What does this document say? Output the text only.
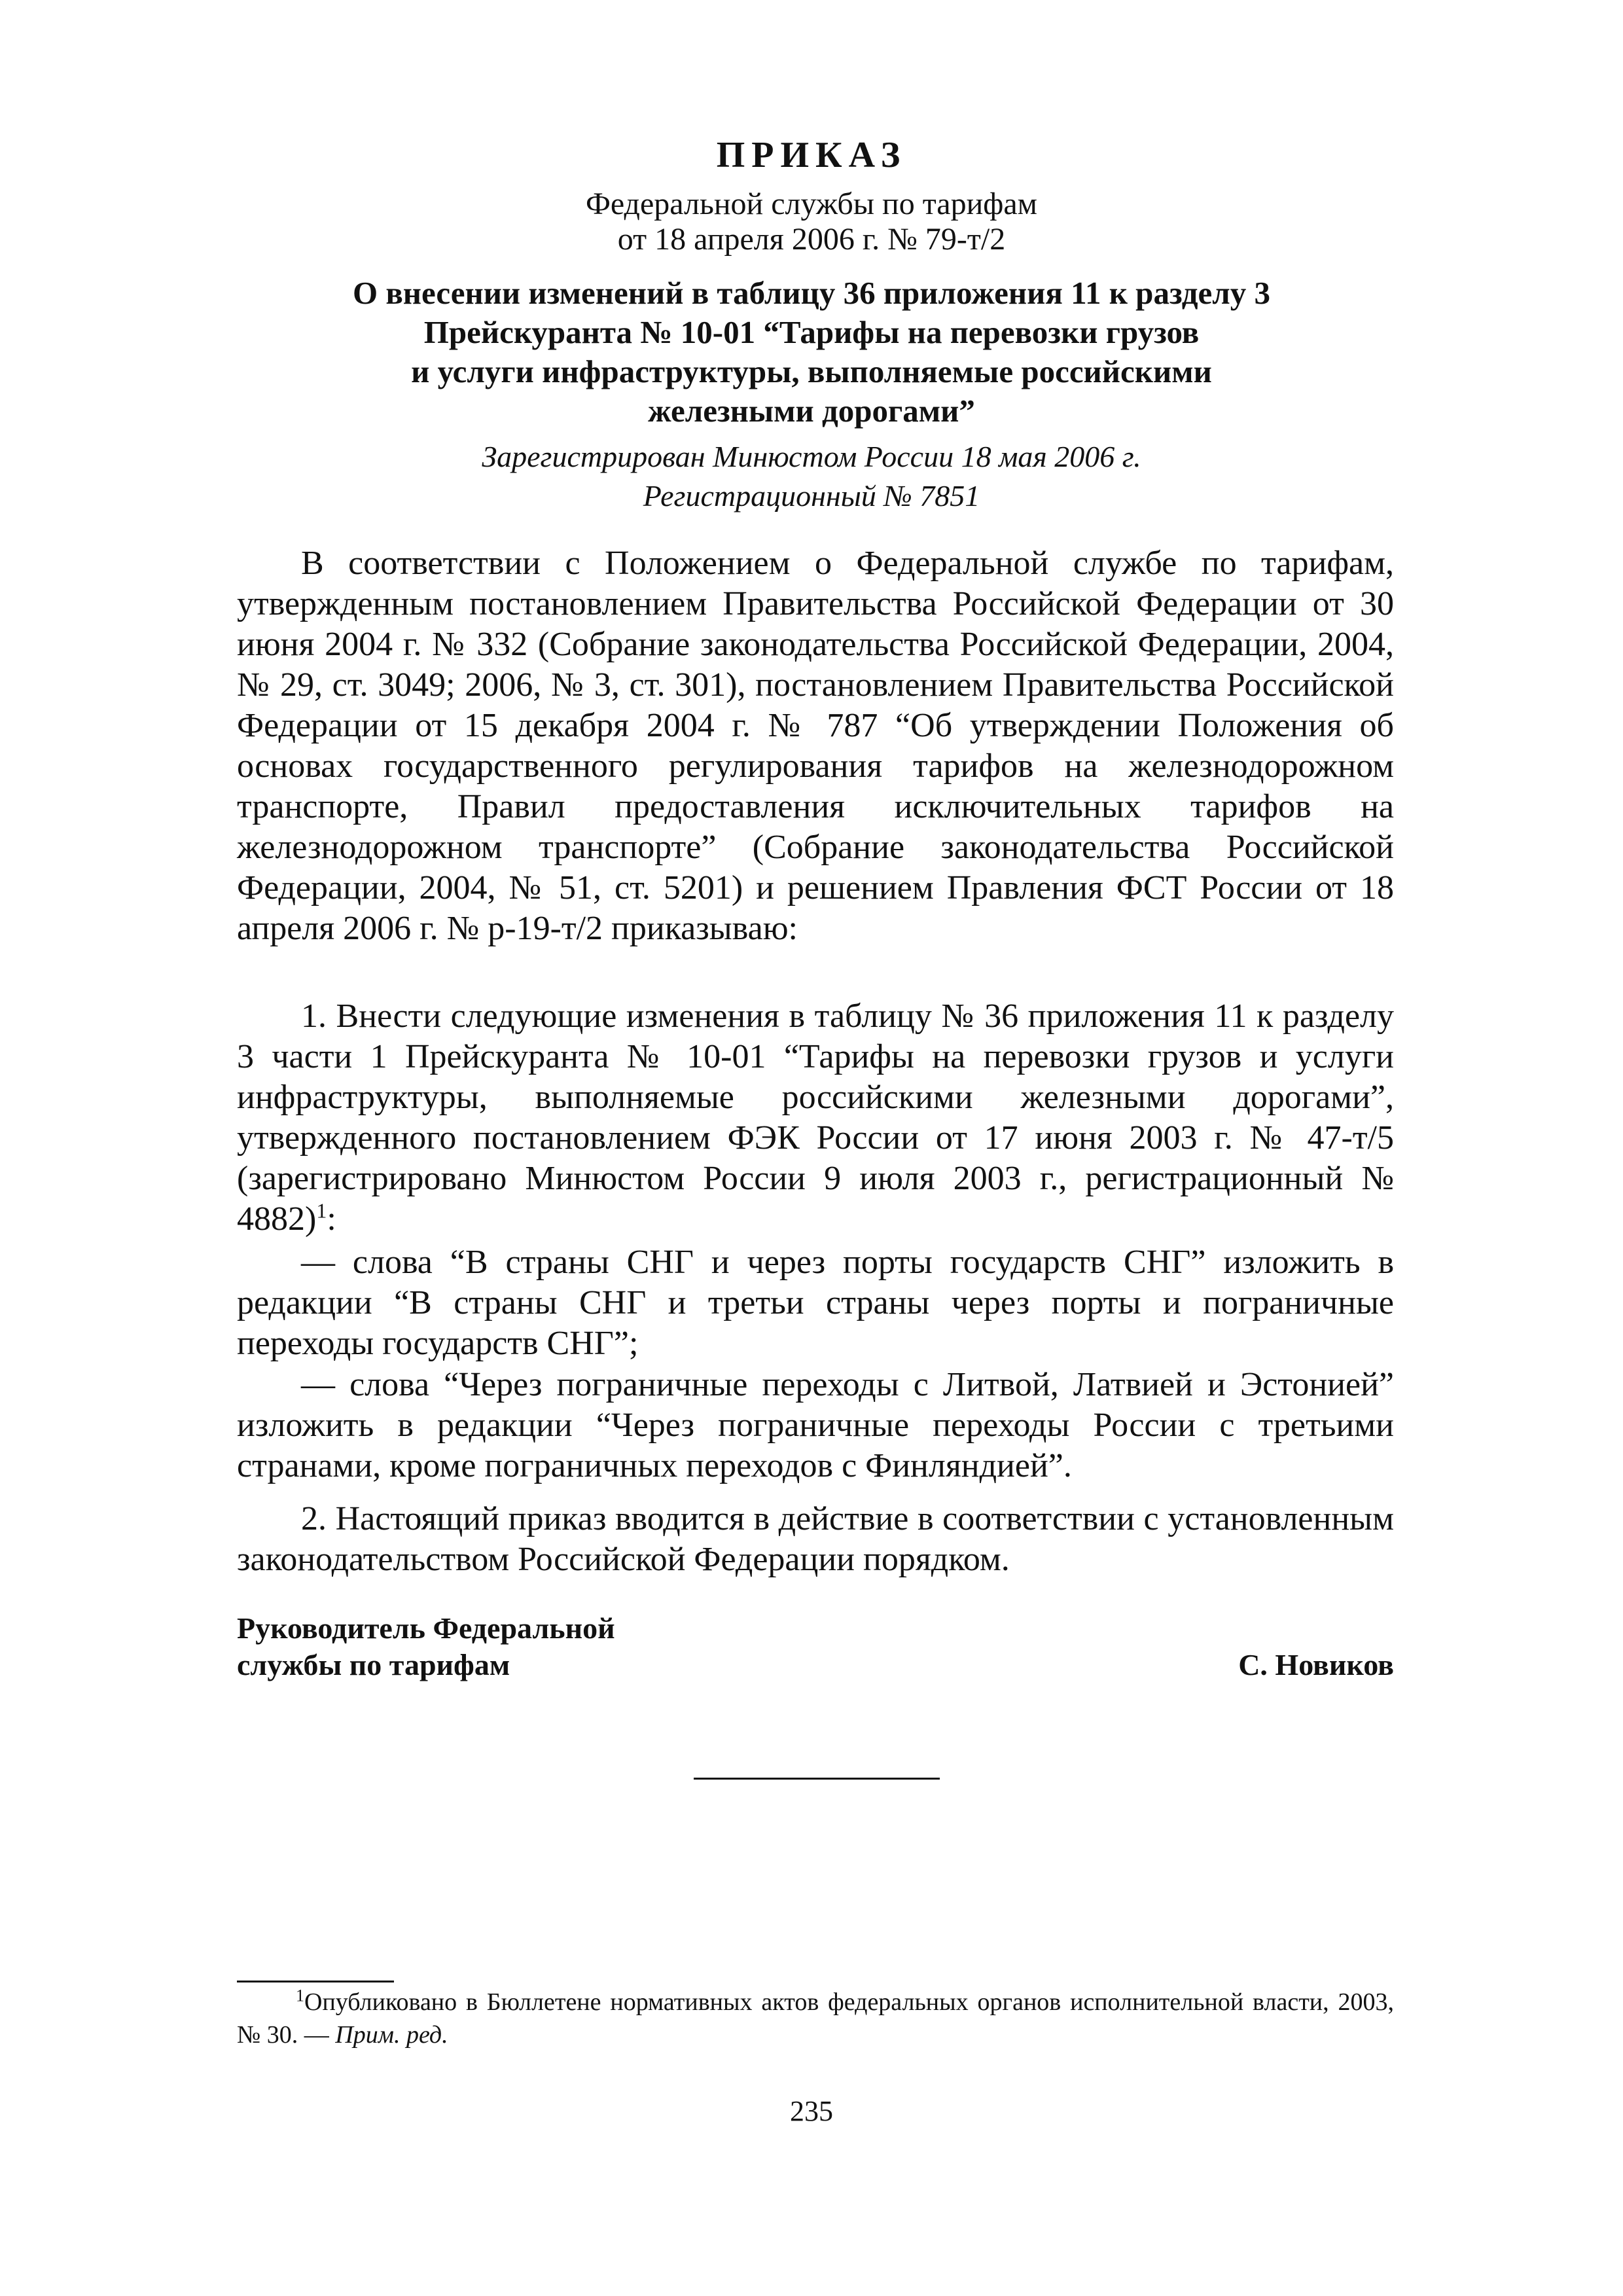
ПРИКАЗ
Федеральной службы по тарифам
от 18 апреля 2006 г. № 79-т/2
О внесении изменений в таблицу 36 приложения 11 к разделу 3
Прейскуранта № 10-01 “Тарифы на перевозки грузов
и услуги инфраструктуры, выполняемые российскими
железными дорогами”
Зарегистрирован Минюстом России 18 мая 2006 г.
Регистрационный № 7851

В соответствии с Положением о Федеральной службе по тарифам, утвержденным постановлением Правительства Российской Федерации от 30 июня 2004 г. № 332 (Собрание законодательства Российской Федерации, 2004, № 29, ст. 3049; 2006, № 3, ст. 301), постановлением Правительства Российской Федерации от 15 декабря 2004 г. № 787 “Об утверждении Положения об основах государственного регулирования тарифов на железнодорожном транспорте, Правил предоставления исключительных тарифов на железнодорожном транспорте” (Собрание законодательства Российской Федерации, 2004, № 51, ст. 5201) и решением Правления ФСТ России от 18 апреля 2006 г. № р-19-т/2 приказываю:

1. Внести следующие изменения в таблицу № 36 приложения 11 к разделу 3 части 1 Прейскуранта № 10-01 “Тарифы на перевозки грузов и услуги инфраструктуры, выполняемые российскими железными дорогами”, утвержденного постановлением ФЭК России от 17 июня 2003 г. № 47-т/5 (зарегистрировано Минюстом России 9 июля 2003 г., регистрационный № 4882)$^1$:

— слова “В страны СНГ и через порты государств СНГ” изложить в редакции “В страны СНГ и третьи страны через порты и пограничные переходы государств СНГ”;

— слова “Через пограничные переходы с Литвой, Латвией и Эстонией” изложить в редакции “Через пограничные переходы России с третьими странами, кроме пограничных переходов с Финляндией”.

2. Настоящий приказ вводится в действие в соответствии с установленным законодательством Российской Федерации порядком.

Руководитель Федеральной
службы по тарифам	С. Новиков

$^1$Опубликовано в Бюллетене нормативных актов федеральных органов исполнительной власти, 2003, № 30. — Прим. ред.

235
